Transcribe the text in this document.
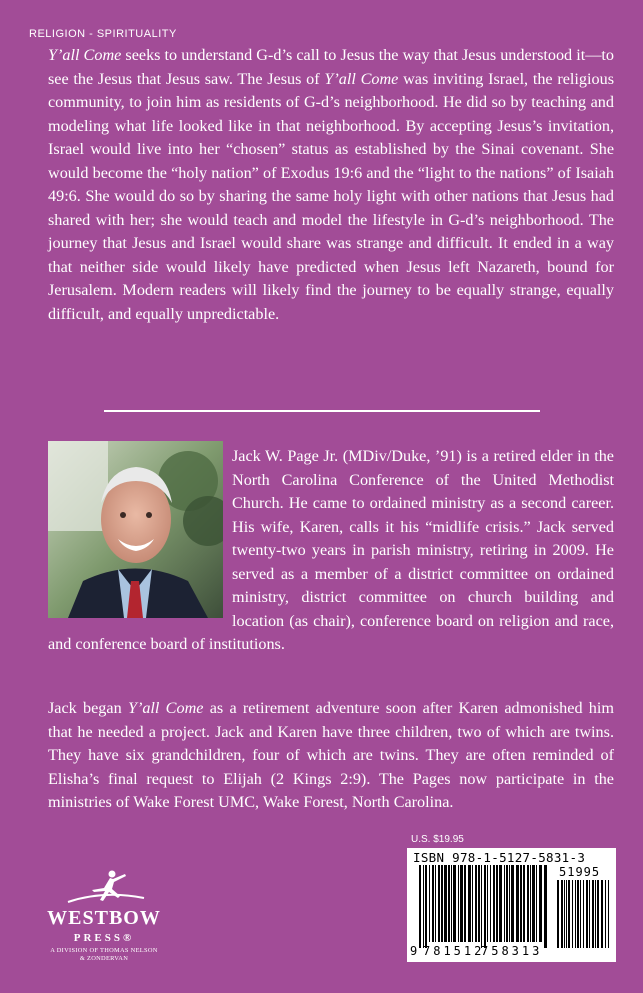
RELIGION - SPIRITUALITY
Y’all Come seeks to understand G-d’s call to Jesus the way that Jesus understood it—to see the Jesus that Jesus saw. The Jesus of Y’all Come was inviting Israel, the religious community, to join him as residents of G-d’s neighborhood. He did so by teaching and modeling what life looked like in that neighborhood. By accepting Jesus’s invitation, Israel would live into her “chosen” status as established by the Sinai covenant. She would become the “holy nation” of Exodus 19:6 and the “light to the nations” of Isaiah 49:6. She would do so by sharing the same holy light with other nations that Jesus had shared with her; she would teach and model the lifestyle in G-d’s neighborhood. The journey that Jesus and Israel would share was strange and difficult. It ended in a way that neither side would likely have predicted when Jesus left Nazareth, bound for Jerusalem. Modern readers will likely find the journey to be equally strange, equally difficult, and equally unpredictable.
Jack W. Page Jr. (MDiv/Duke, ’91) is a retired elder in the North Carolina Conference of the United Methodist Church. He came to ordained ministry as a second career. His wife, Karen, calls it his “midlife crisis.” Jack served twenty-two years in parish ministry, retiring in 2009. He served as a member of a district committee on ordained ministry, district committee on church building and location (as chair), conference board on religion and race, and conference board of institutions.
Jack began Y’all Come as a retirement adventure soon after Karen admonished him that he needed a project. Jack and Karen have three children, two of which are twins. They have six grandchildren, four of which are twins. They are often reminded of Elisha’s final request to Elijah (2 Kings 2:9). The Pages now participate in the ministries of Wake Forest UMC, Wake Forest, North Carolina.
U.S. $19.95
ISBN 978-1-5127-5831-3
51995
9 781512
758313
WESTBOW
PRESS®
A DIVISION OF THOMAS NELSON
& ZONDERVAN
